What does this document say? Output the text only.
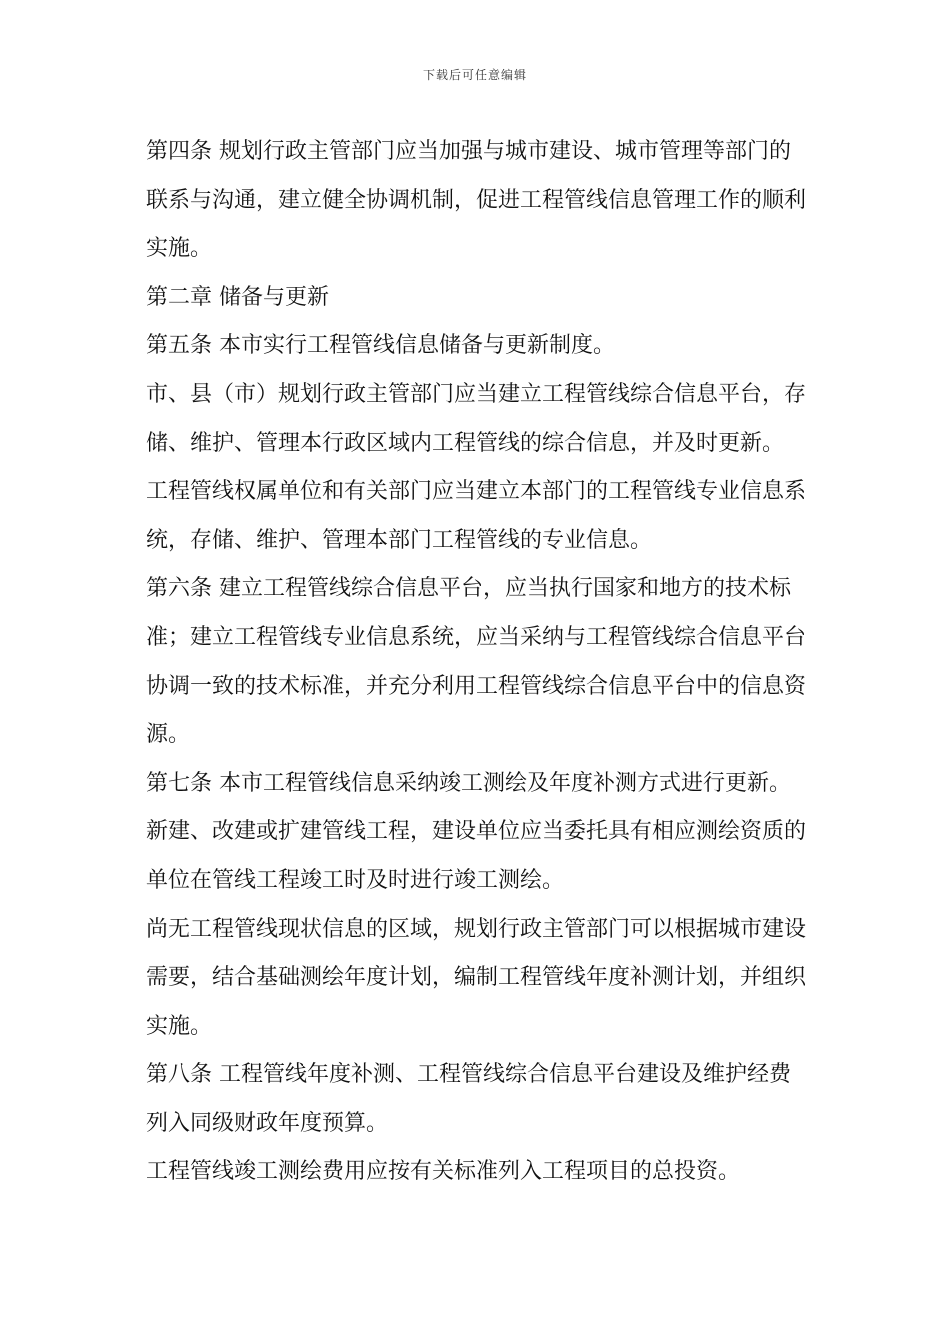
下载后可任意编辑

第四条 规划行政主管部门应当加强与城市建设、城市管理等部门的联系与沟通，建立健全协调机制，促进工程管线信息管理工作的顺利实施。

第二章 储备与更新

第五条 本市实行工程管线信息储备与更新制度。

市、县（市）规划行政主管部门应当建立工程管线综合信息平台，存储、维护、管理本行政区域内工程管线的综合信息，并及时更新。

工程管线权属单位和有关部门应当建立本部门的工程管线专业信息系统，存储、维护、管理本部门工程管线的专业信息。

第六条 建立工程管线综合信息平台，应当执行国家和地方的技术标准；建立工程管线专业信息系统，应当采纳与工程管线综合信息平台协调一致的技术标准，并充分利用工程管线综合信息平台中的信息资源。

第七条 本市工程管线信息采纳竣工测绘及年度补测方式进行更新。

新建、改建或扩建管线工程，建设单位应当委托具有相应测绘资质的单位在管线工程竣工时及时进行竣工测绘。

尚无工程管线现状信息的区域，规划行政主管部门可以根据城市建设需要，结合基础测绘年度计划，编制工程管线年度补测计划，并组织实施。

第八条 工程管线年度补测、工程管线综合信息平台建设及维护经费列入同级财政年度预算。

工程管线竣工测绘费用应按有关标准列入工程项目的总投资。
